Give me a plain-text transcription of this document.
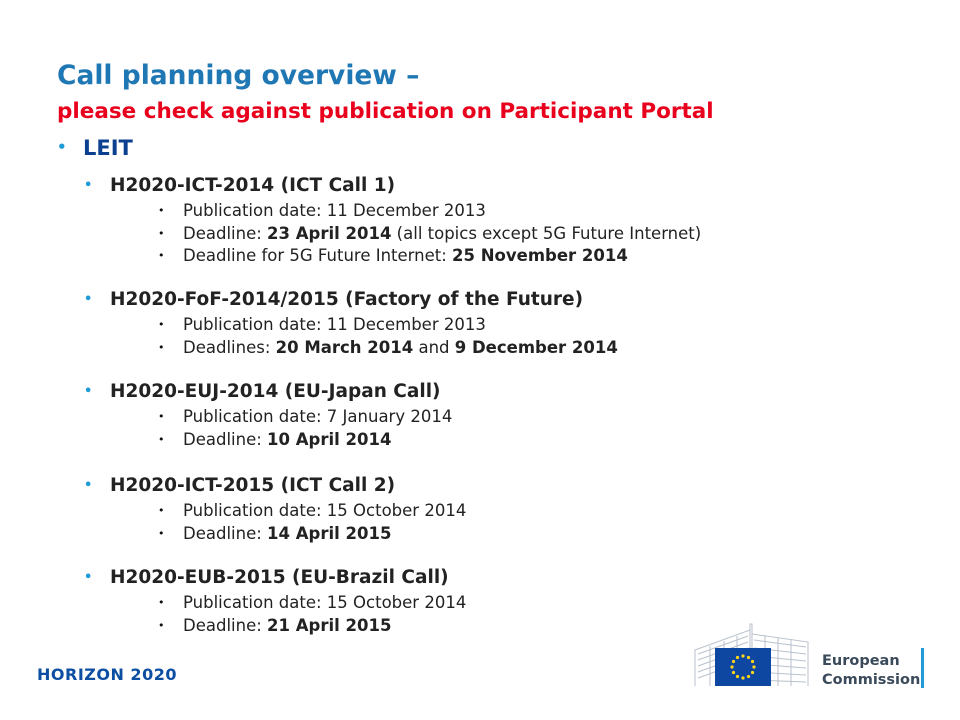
Call planning overview –
please check against publication on Participant Portal
• LEIT
• H2020-ICT-2014 (ICT Call 1)
• Publication date: 11 December 2013
• Deadline: 23 April 2014 (all topics except 5G Future Internet)
• Deadline for 5G Future Internet: 25 November 2014
• H2020-FoF-2014/2015 (Factory of the Future)
• Publication date: 11 December 2013
• Deadlines: 20 March 2014 and 9 December 2014
• H2020-EUJ-2014 (EU-Japan Call)
• Publication date: 7 January 2014
• Deadline: 10 April 2014
• H2020-ICT-2015 (ICT Call 2)
• Publication date: 15 October 2014
• Deadline: 14 April 2015
• H2020-EUB-2015 (EU-Brazil Call)
• Publication date: 15 October 2014
• Deadline: 21 April 2015
HORIZON 2020
European
Commission
